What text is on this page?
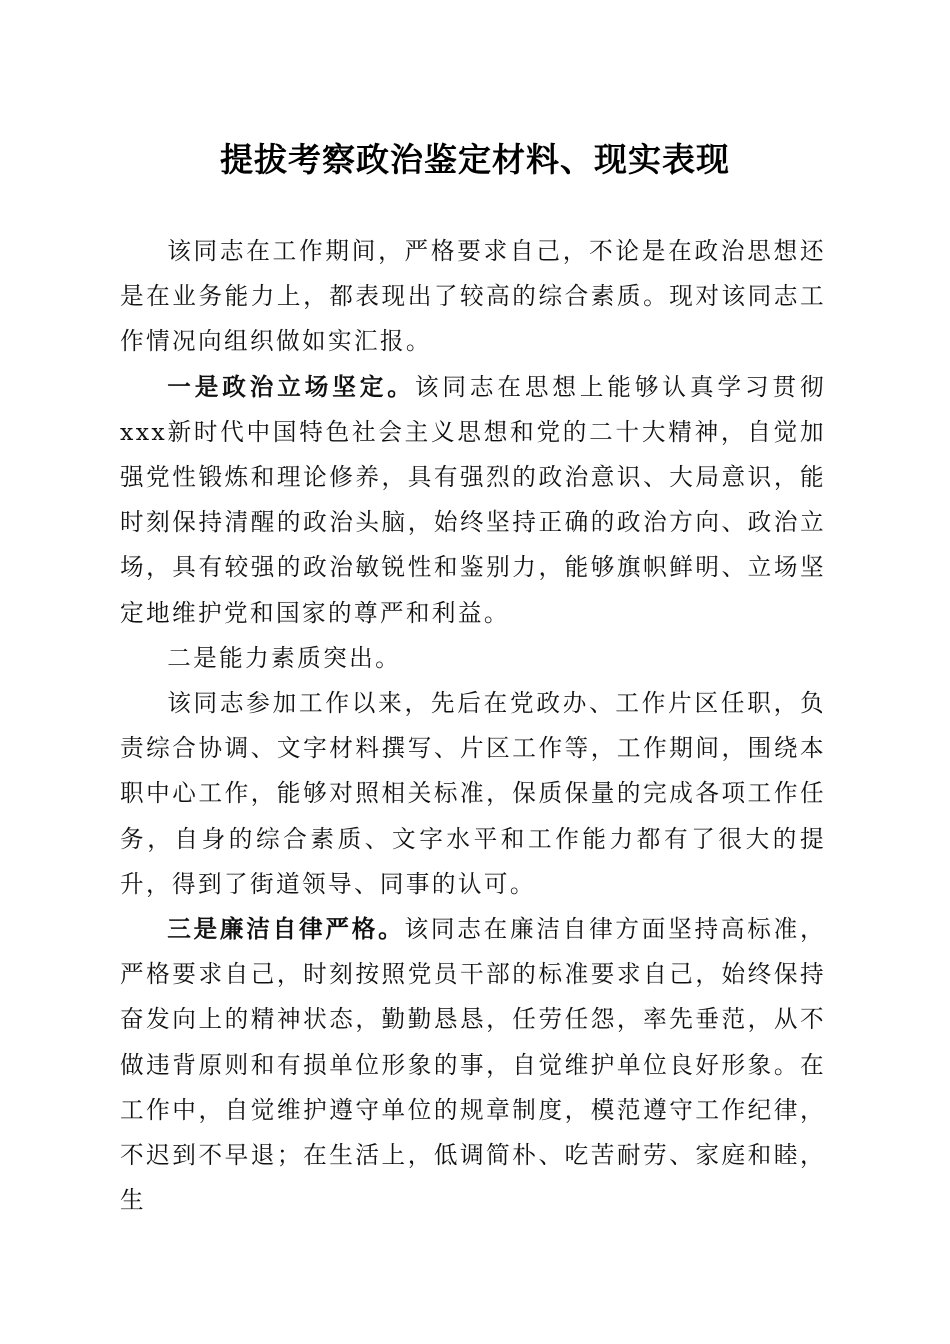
提拔考察政治鉴定材料、现实表现

该同志在工作期间，严格要求自己，不论是在政治思想还是在业务能力上，都表现出了较高的综合素质。现对该同志工作情况向组织做如实汇报。

一是政治立场坚定。该同志在思想上能够认真学习贯彻xxx新时代中国特色社会主义思想和党的二十大精神，自觉加强党性锻炼和理论修养，具有强烈的政治意识、大局意识，能时刻保持清醒的政治头脑，始终坚持正确的政治方向、政治立场，具有较强的政治敏锐性和鉴别力，能够旗帜鲜明、立场坚定地维护党和国家的尊严和利益。

二是能力素质突出。

该同志参加工作以来，先后在党政办、工作片区任职，负责综合协调、文字材料撰写、片区工作等，工作期间，围绕本职中心工作，能够对照相关标准，保质保量的完成各项工作任务，自身的综合素质、文字水平和工作能力都有了很大的提升，得到了街道领导、同事的认可。

三是廉洁自律严格。该同志在廉洁自律方面坚持高标准，严格要求自己，时刻按照党员干部的标准要求自己，始终保持奋发向上的精神状态，勤勤恳恳，任劳任怨，率先垂范，从不做违背原则和有损单位形象的事，自觉维护单位良好形象。在工作中，自觉维护遵守单位的规章制度，模范遵守工作纪律，不迟到不早退；在生活上，低调简朴、吃苦耐劳、家庭和睦，生
